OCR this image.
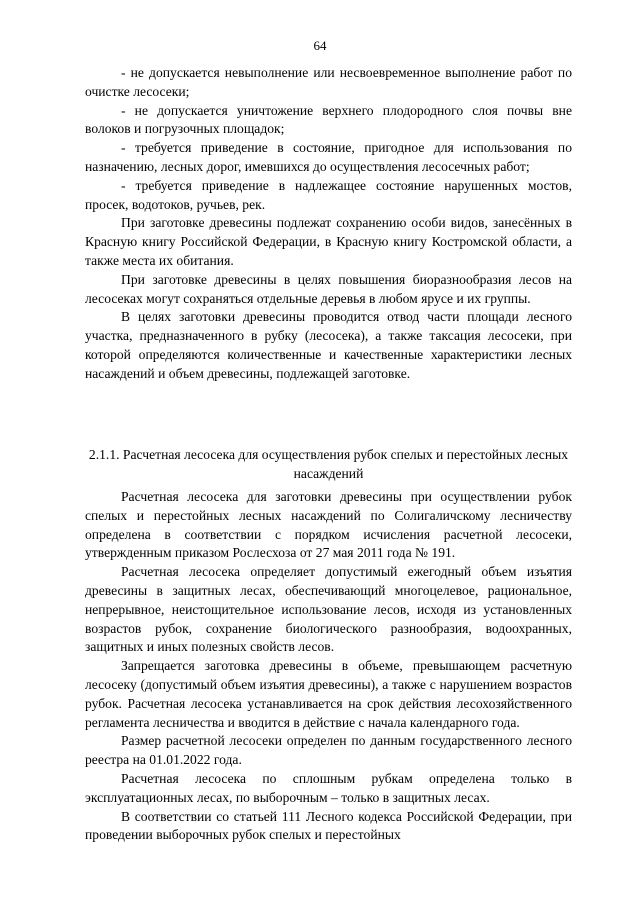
64

- не допускается невыполнение или несвоевременное выполнение работ по очистке лесосеки;

- не допускается уничтожение верхнего плодородного слоя почвы вне волоков и погрузочных площадок;

- требуется приведение в состояние, пригодное для использования по назначению, лесных дорог, имевшихся до осуществления лесосечных работ;

- требуется приведение в надлежащее состояние нарушенных мостов, просек, водотоков, ручьев, рек.

При заготовке древесины подлежат сохранению особи видов, занесённых в Красную книгу Российской Федерации, в Красную книгу Костромской области, а также места их обитания.

При заготовке древесины в целях повышения биоразнообразия лесов на лесосеках могут сохраняться отдельные деревья в любом ярусе и их группы.

В целях заготовки древесины проводится отвод части площади лесного участка, предназначенного в рубку (лесосека), а также таксация лесосеки, при которой определяются количественные и качественные характеристики лесных насаждений и объем древесины, подлежащей заготовке.

2.1.1. Расчетная лесосека для осуществления рубок спелых и перестойных лесных насаждений

Расчетная лесосека для заготовки древесины при осуществлении рубок спелых и перестойных лесных насаждений по Солигаличскому лесничеству определена в соответствии с порядком исчисления расчетной лесосеки, утвержденным приказом Рослесхоза от 27 мая 2011 года № 191.

Расчетная лесосека определяет допустимый ежегодный объем изъятия древесины в защитных лесах, обеспечивающий многоцелевое, рациональное, непрерывное, неистощительное использование лесов, исходя из установленных возрастов рубок, сохранение биологического разнообразия, водоохранных, защитных и иных полезных свойств лесов.

Запрещается заготовка древесины в объеме, превышающем расчетную лесосеку (допустимый объем изъятия древесины), а также с нарушением возрастов рубок. Расчетная лесосека устанавливается на срок действия лесохозяйственного регламента лесничества и вводится в действие с начала календарного года.

Размер расчетной лесосеки определен по данным государственного лесного реестра на 01.01.2022 года.

Расчетная лесосека по сплошным рубкам определена только в эксплуатационных лесах, по выборочным – только в защитных лесах.

В соответствии со статьей 111 Лесного кодекса Российской Федерации, при проведении выборочных рубок спелых и перестойных
